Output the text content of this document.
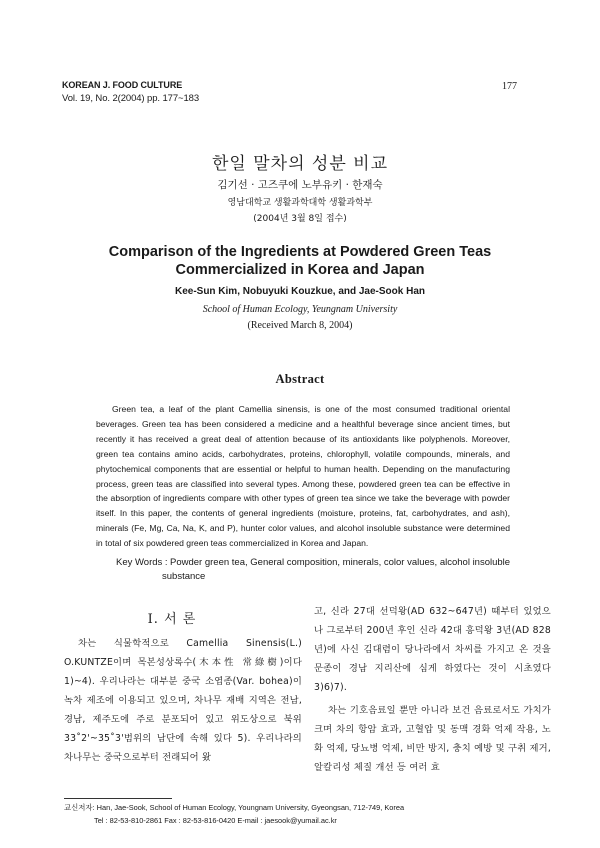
KOREAN J. FOOD CULTURE
Vol. 19, No. 2(2004) pp. 177~183
177
한일 말차의 성분 비교
김기선 · 고즈쿠에 노부유키 · 한재숙
영남대학교 생활과학대학 생활과학부
(2004년 3월 8일 접수)
Comparison of the Ingredients at Powdered Green Teas
Commercialized in Korea and Japan
Kee-Sun Kim, Nobuyuki Kouzkue, and Jae-Sook Han
School of Human Ecology, Yeungnam University
(Received March 8, 2004)
Abstract
Green tea, a leaf of the plant Camellia sinensis, is one of the most consumed traditional oriental beverages. Green tea has been considered a medicine and a healthful beverage since ancient times, but recently it has received a great deal of attention because of its antioxidants like polyphenols. Moreover, green tea contains amino acids, carbohydrates, proteins, chlorophyll, volatile compounds, minerals, and phytochemical components that are essential or helpful to human health. Depending on the manufacturing process, green teas are classified into several types. Among these, powdered green tea can be effective in the absorption of ingredients compare with other types of green tea since we take the beverage with powder itself. In this paper, the contents of general ingredients (moisture, proteins, fat, carbohydrates, and ash), minerals (Fe, Mg, Ca, Na, K, and P), hunter color values, and alcohol insoluble substance were determined in total of six powdered green teas commercialized in Korea and Japan.
Key Words : Powder green tea, General composition, minerals, color values, alcohol insoluble
substance
I. 서 론

차는 식물학적으로 Camellia Sinensis(L.) O.KUNTZE이며 목본성상록수(木本性 常綠樹)이다 1)~4). 우리나라는 대부분 중국 소엽종(Var. bohea)이 녹차 제조에 이용되고 있으며, 차나무 재배 지역은 전남, 경남, 제주도에 주로 분포되어 있고 위도상으로 북위 33˚2'~35˚3'범위의 남단에 속해 있다 5). 우리나라의 차나무는 중국으로부터 전래되어 왔

고, 신라 27대 선덕왕(AD 632~647년) 때부터 있었으나 그로부터 200년 후인 신라 42대 흥덕왕 3년(AD 828년)에 사신 김대렴이 당나라에서 차씨를 가지고 온 것을 문종이 경남 지리산에 심게 하였다는 것이 시초였다3)6)7).

차는 기호음료일 뿐만 아니라 보건 음료로서도 가치가 크며 차의 항암 효과, 고혈압 및 동맥 경화 억제 작용, 노화 억제, 당뇨병 억제, 비만 방지, 충치 예방 및 구취 제거, 알칼리성 체질 개선 등 여러 효

교신저자: Han, Jae-Sook, School of Human Ecology, Youngnam University, Gyeongsan, 712-749, Korea
Tel : 82-53-810-2861 Fax : 82-53-816-0420 E-mail : jaesook@yumail.ac.kr
